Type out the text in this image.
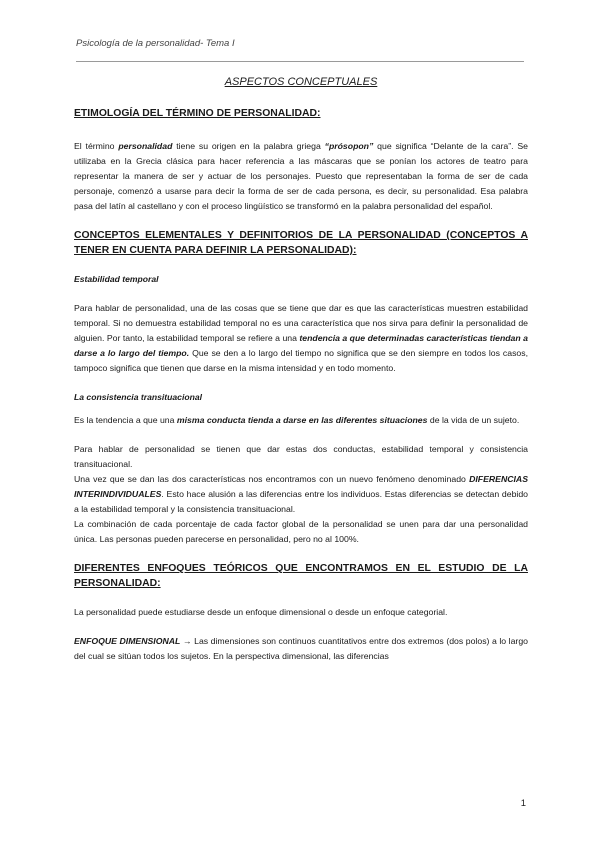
Psicología de la personalidad- Tema I
ASPECTOS CONCEPTUALES
ETIMOLOGÍA DEL TÉRMINO DE PERSONALIDAD:

El término personalidad tiene su origen en la palabra griega “prósopon” que significa “Delante de la cara”. Se utilizaba en la Grecia clásica para hacer referencia a las máscaras que se ponían los actores de teatro para representar la manera de ser y actuar de los personajes. Puesto que representaban la forma de ser de cada personaje, comenzó a usarse para decir la forma de ser de cada persona, es decir, su personalidad. Esa palabra pasa del latín al castellano y con el proceso lingüístico se transformó en la palabra personalidad del español.

CONCEPTOS ELEMENTALES Y DEFINITORIOS DE LA PERSONALIDAD (CONCEPTOS A TENER EN CUENTA PARA DEFINIR LA PERSONALIDAD):
Estabilidad temporal

Para hablar de personalidad, una de las cosas que se tiene que dar es que las características muestren estabilidad temporal. Si no demuestra estabilidad temporal no es una característica que nos sirva para definir la personalidad de alguien. Por tanto, la estabilidad temporal se refiere a una tendencia a que determinadas características tiendan a darse a lo largo del tiempo. Que se den a lo largo del tiempo no significa que se den siempre en todos los casos, tampoco significa que tienen que darse en la misma intensidad y en todo momento.

La consistencia transituacional

Es la tendencia a que una misma conducta tienda a darse en las diferentes situaciones de la vida de un sujeto.

Para hablar de personalidad se tienen que dar estas dos conductas, estabilidad temporal y consistencia transituacional.

Una vez que se dan las dos características nos encontramos con un nuevo fenómeno denominado DIFERENCIAS INTERINDIVIDUALES. Esto hace alusión a las diferencias entre los individuos. Estas diferencias se detectan debido a la estabilidad temporal y la consistencia transituacional.

La combinación de cada porcentaje de cada factor global de la personalidad se unen para dar una personalidad única. Las personas pueden parecerse en personalidad, pero no al 100%.

DIFERENTES ENFOQUES TEÓRICOS QUE ENCONTRAMOS EN EL ESTUDIO DE LA PERSONALIDAD:

La personalidad puede estudiarse desde un enfoque dimensional o desde un enfoque categorial.

ENFOQUE DIMENSIONAL → Las dimensiones son continuos cuantitativos entre dos extremos (dos polos) a lo largo del cual se sitúan todos los sujetos. En la perspectiva dimensional, las diferencias

1
